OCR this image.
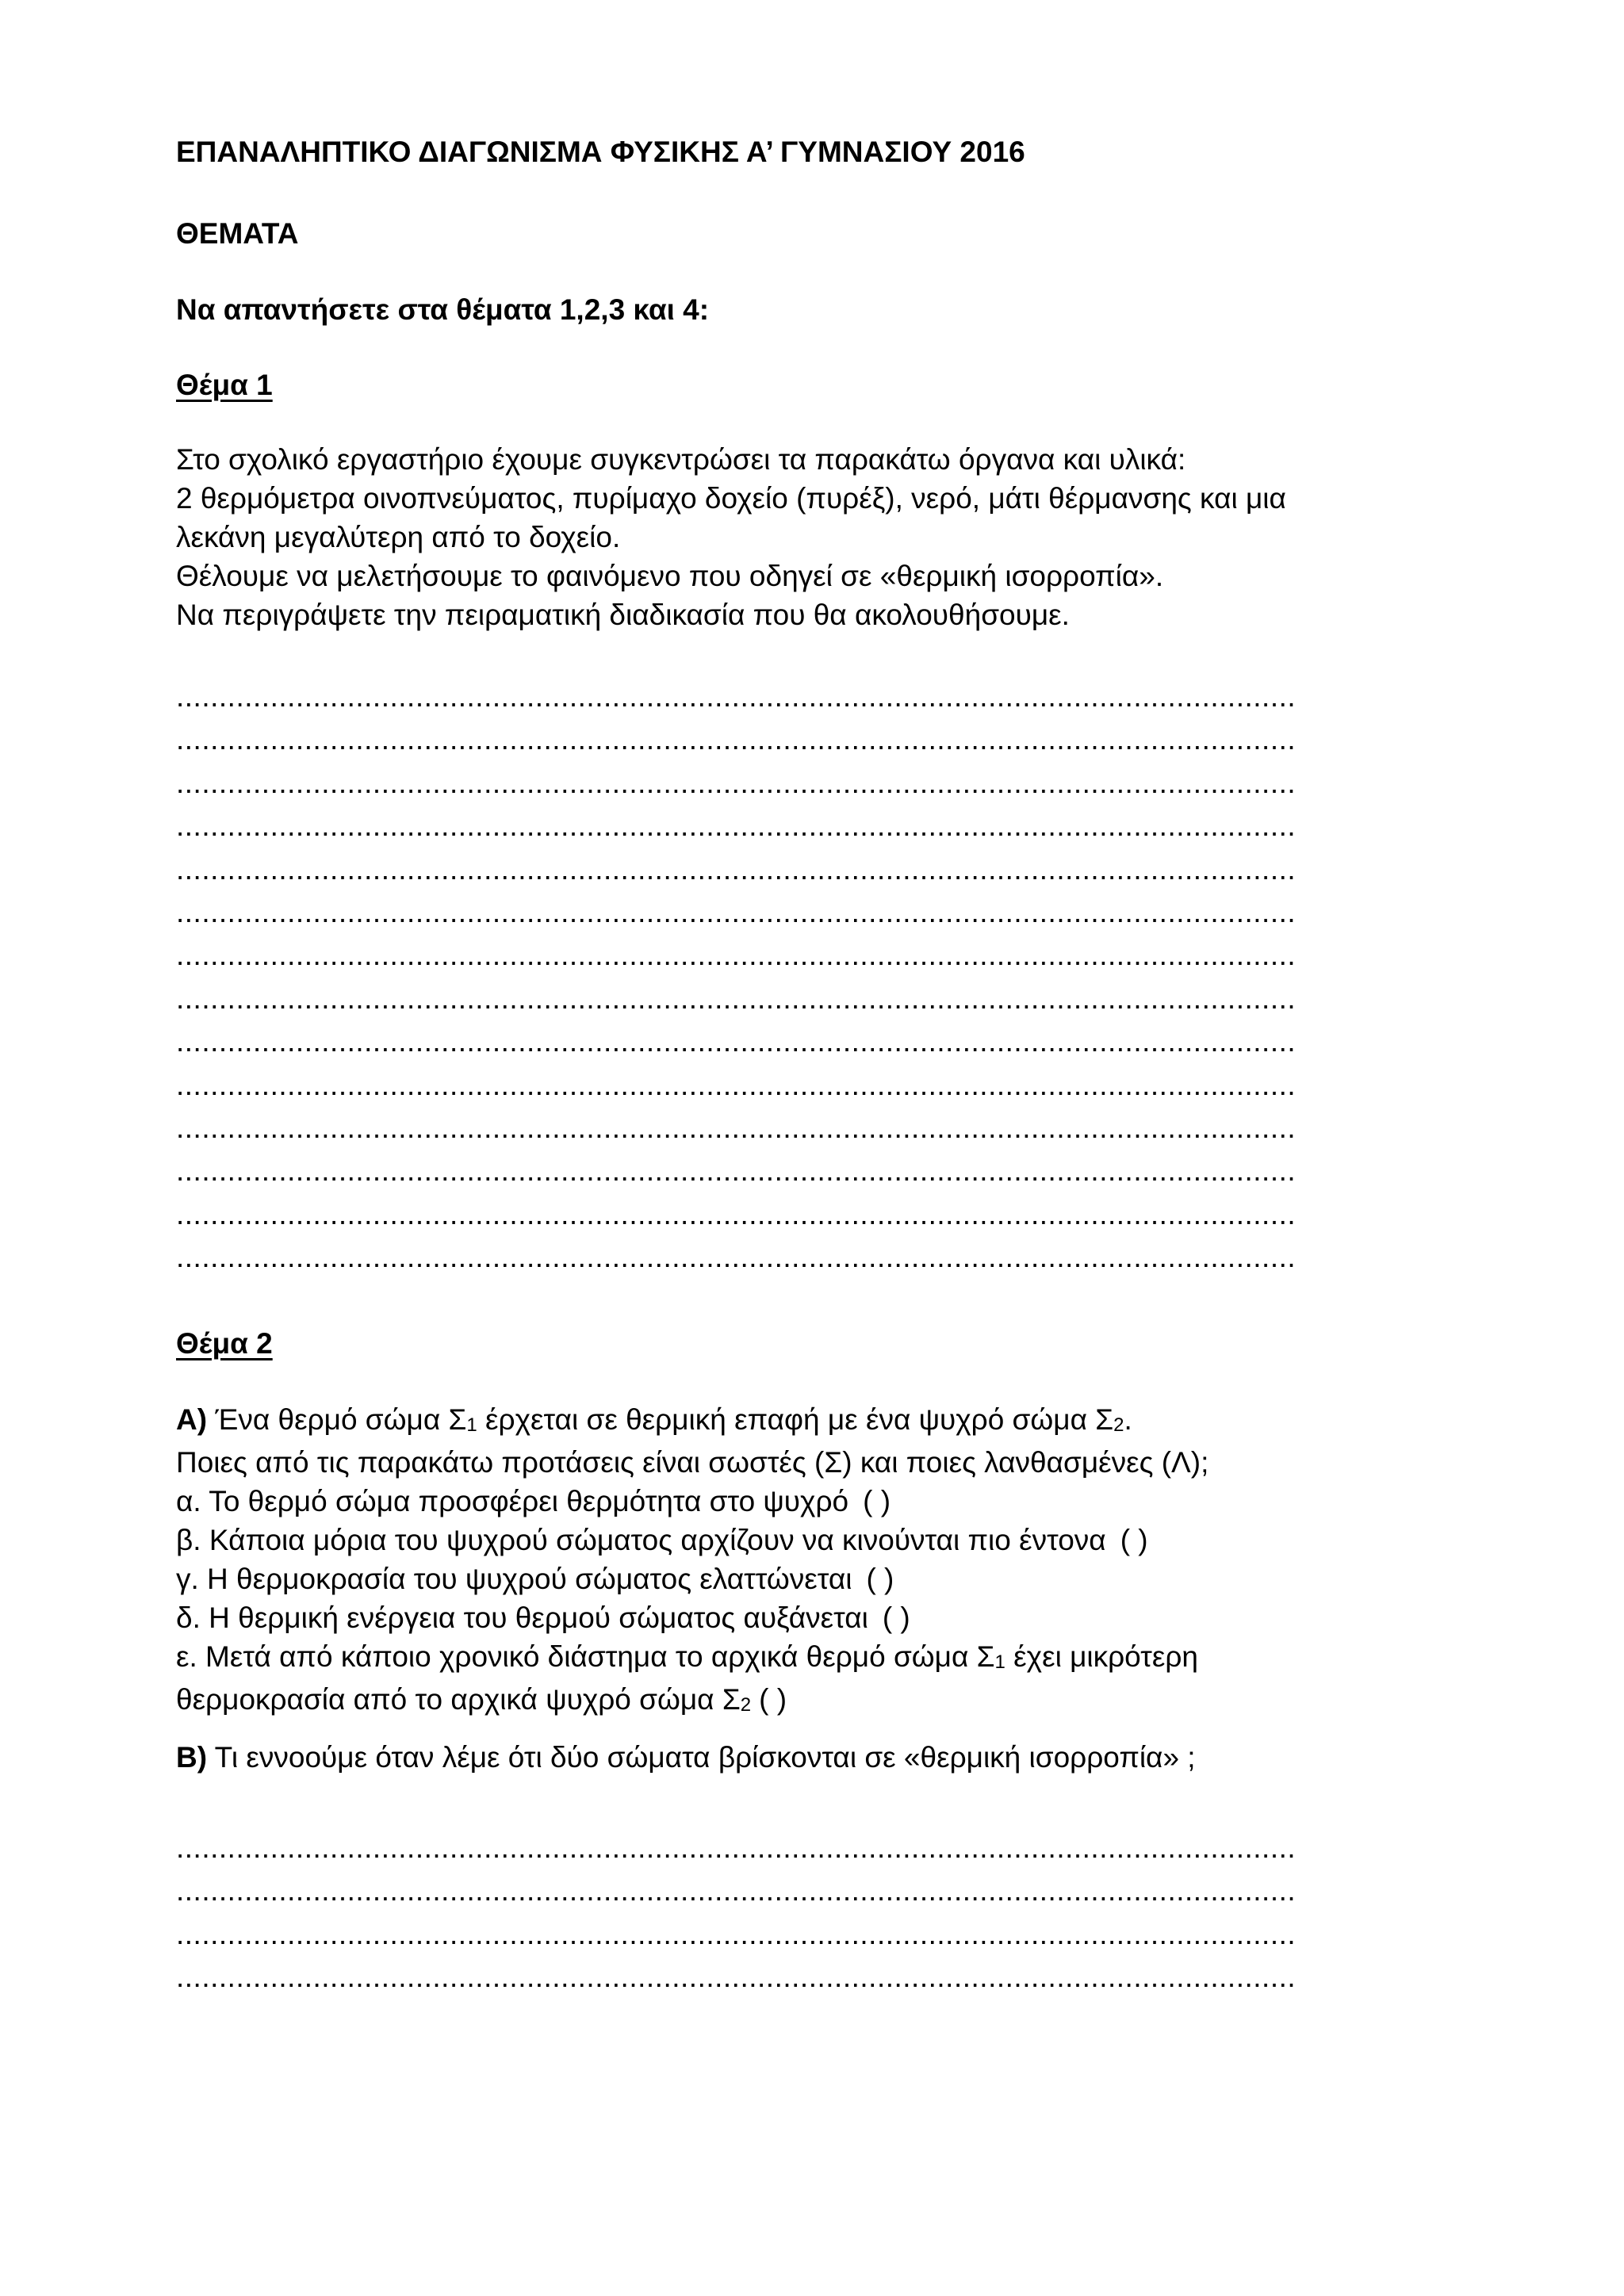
ΕΠΑΝΑΛΗΠΤΙΚΟ ΔΙΑΓΩΝΙΣΜΑ ΦΥΣΙΚΗΣ Α’ ΓΥΜΝΑΣΙΟΥ 2016
ΘΕΜΑΤΑ
Να απαντήσετε στα θέματα 1,2,3 και 4:
Θέμα 1
Στο σχολικό εργαστήριο έχουμε συγκεντρώσει τα παρακάτω όργανα και υλικά:
2 θερμόμετρα οινοπνεύματος, πυρίμαχο δοχείο (πυρέξ), νερό, μάτι θέρμανσης και μια
λεκάνη μεγαλύτερη από το δοχείο.
Θέλουμε να μελετήσουμε το φαινόμενο που οδηγεί σε «θερμική ισορροπία».
Να περιγράψετε την πειραματική διαδικασία που θα ακολουθήσουμε.
...................................................................................................................................
...................................................................................................................................
...................................................................................................................................
...................................................................................................................................
...................................................................................................................................
...................................................................................................................................
...................................................................................................................................
...................................................................................................................................
...................................................................................................................................
...................................................................................................................................
...................................................................................................................................
...................................................................................................................................
...................................................................................................................................
...................................................................................................................................
Θέμα 2
Α) Ένα θερμό σώμα $\Sigma_1$ έρχεται σε θερμική επαφή με ένα ψυχρό σώμα $\Sigma_2$.
Ποιες από τις παρακάτω προτάσεις είναι σωστές (Σ) και ποιες λανθασμένες (Λ);
α. Το θερμό σώμα προσφέρει θερμότητα στο ψυχρό ( )
β. Κάποια μόρια του ψυχρού σώματος αρχίζουν να κινούνται πιο έντονα ( )
γ. Η θερμοκρασία του ψυχρού σώματος ελαττώνεται ( )
δ. Η θερμική ενέργεια του θερμού σώματος αυξάνεται ( )
ε. Μετά από κάποιο χρονικό διάστημα το αρχικά θερμό σώμα $\Sigma_1$ έχει μικρότερη
θερμοκρασία από το αρχικά ψυχρό σώμα $\Sigma_2$ ( )
Β) Τι εννοούμε όταν λέμε ότι δύο σώματα βρίσκονται σε «θερμική ισορροπία» ;
...................................................................................................................................
...................................................................................................................................
...................................................................................................................................
...................................................................................................................................
